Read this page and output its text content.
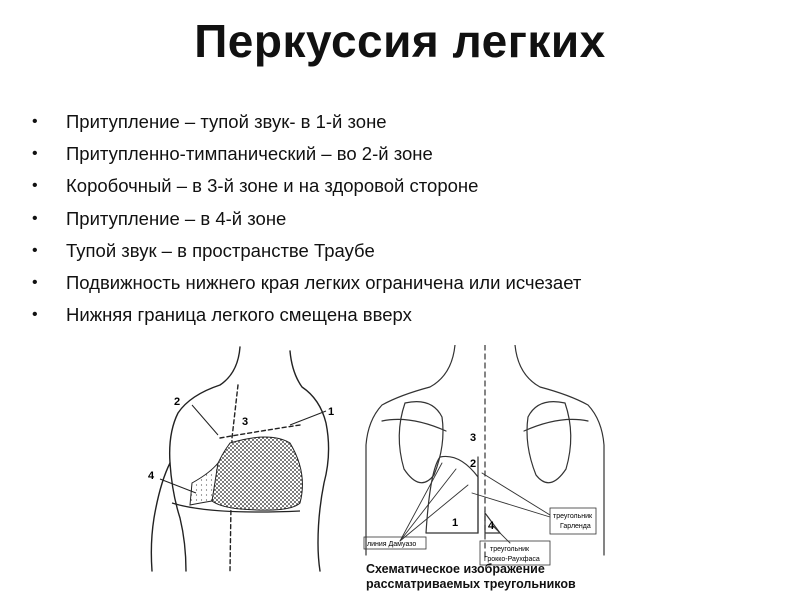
Перкуссия легких
• Притупление – тупой звук- в 1-й зоне
• Притупленно-тимпанический – во 2-й зоне
• Коробочный – в 3-й зоне и на здоровой стороне
• Притупление – в 4-й зоне
• Тупой звук – в пространстве Траубе
• Подвижность нижнего края легких ограничена или исчезает
• Нижняя граница легкого смещена вверх
1
2
3
4
3
2
1	4
линия Дамуазо
треугольник
Гарленда
треугольник
Грокко-Раухфаса
Схематическое изображение
рассматриваемых треугольников
